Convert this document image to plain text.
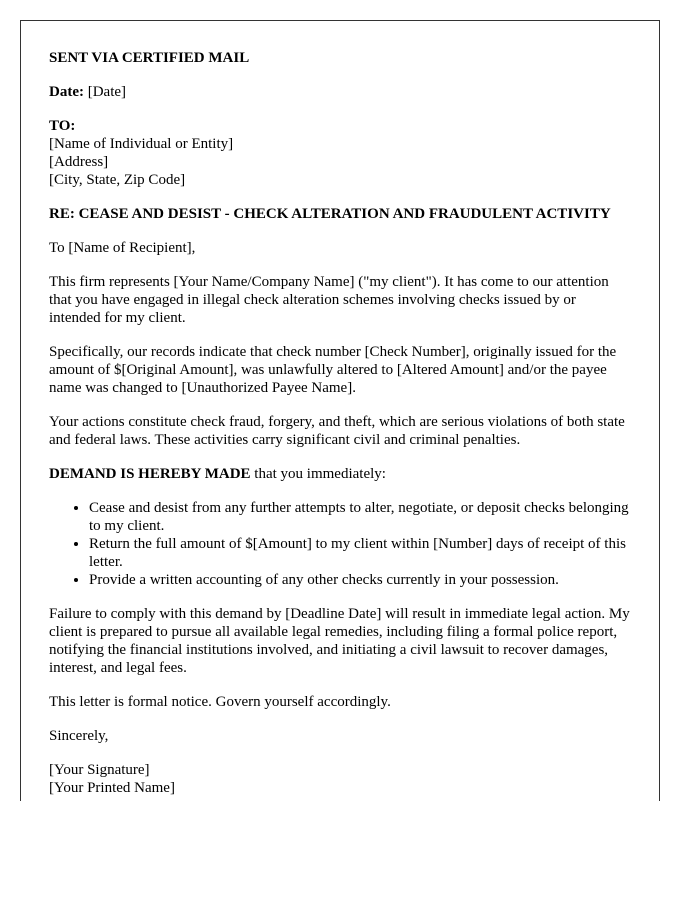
SENT VIA CERTIFIED MAIL

Date: [Date]

TO:
[Name of Individual or Entity]
[Address]
[City, State, Zip Code]

RE: CEASE AND DESIST - CHECK ALTERATION AND FRAUDULENT ACTIVITY

To [Name of Recipient],

This firm represents [Your Name/Company Name] ("my client"). It has come to our attention that you have engaged in illegal check alteration schemes involving checks issued by or intended for my client.

Specifically, our records indicate that check number [Check Number], originally issued for the amount of $[Original Amount], was unlawfully altered to [Altered Amount] and/or the payee name was changed to [Unauthorized Payee Name].

Your actions constitute check fraud, forgery, and theft, which are serious violations of both state and federal laws. These activities carry significant civil and criminal penalties.

DEMAND IS HEREBY MADE that you immediately:

• Cease and desist from any further attempts to alter, negotiate, or deposit checks belonging to my client.
• Return the full amount of $[Amount] to my client within [Number] days of receipt of this letter.
• Provide a written accounting of any other checks currently in your possession.

Failure to comply with this demand by [Deadline Date] will result in immediate legal action. My client is prepared to pursue all available legal remedies, including filing a formal police report, notifying the financial institutions involved, and initiating a civil lawsuit to recover damages, interest, and legal fees.

This letter is formal notice. Govern yourself accordingly.

Sincerely,

[Your Signature]
[Your Printed Name]
